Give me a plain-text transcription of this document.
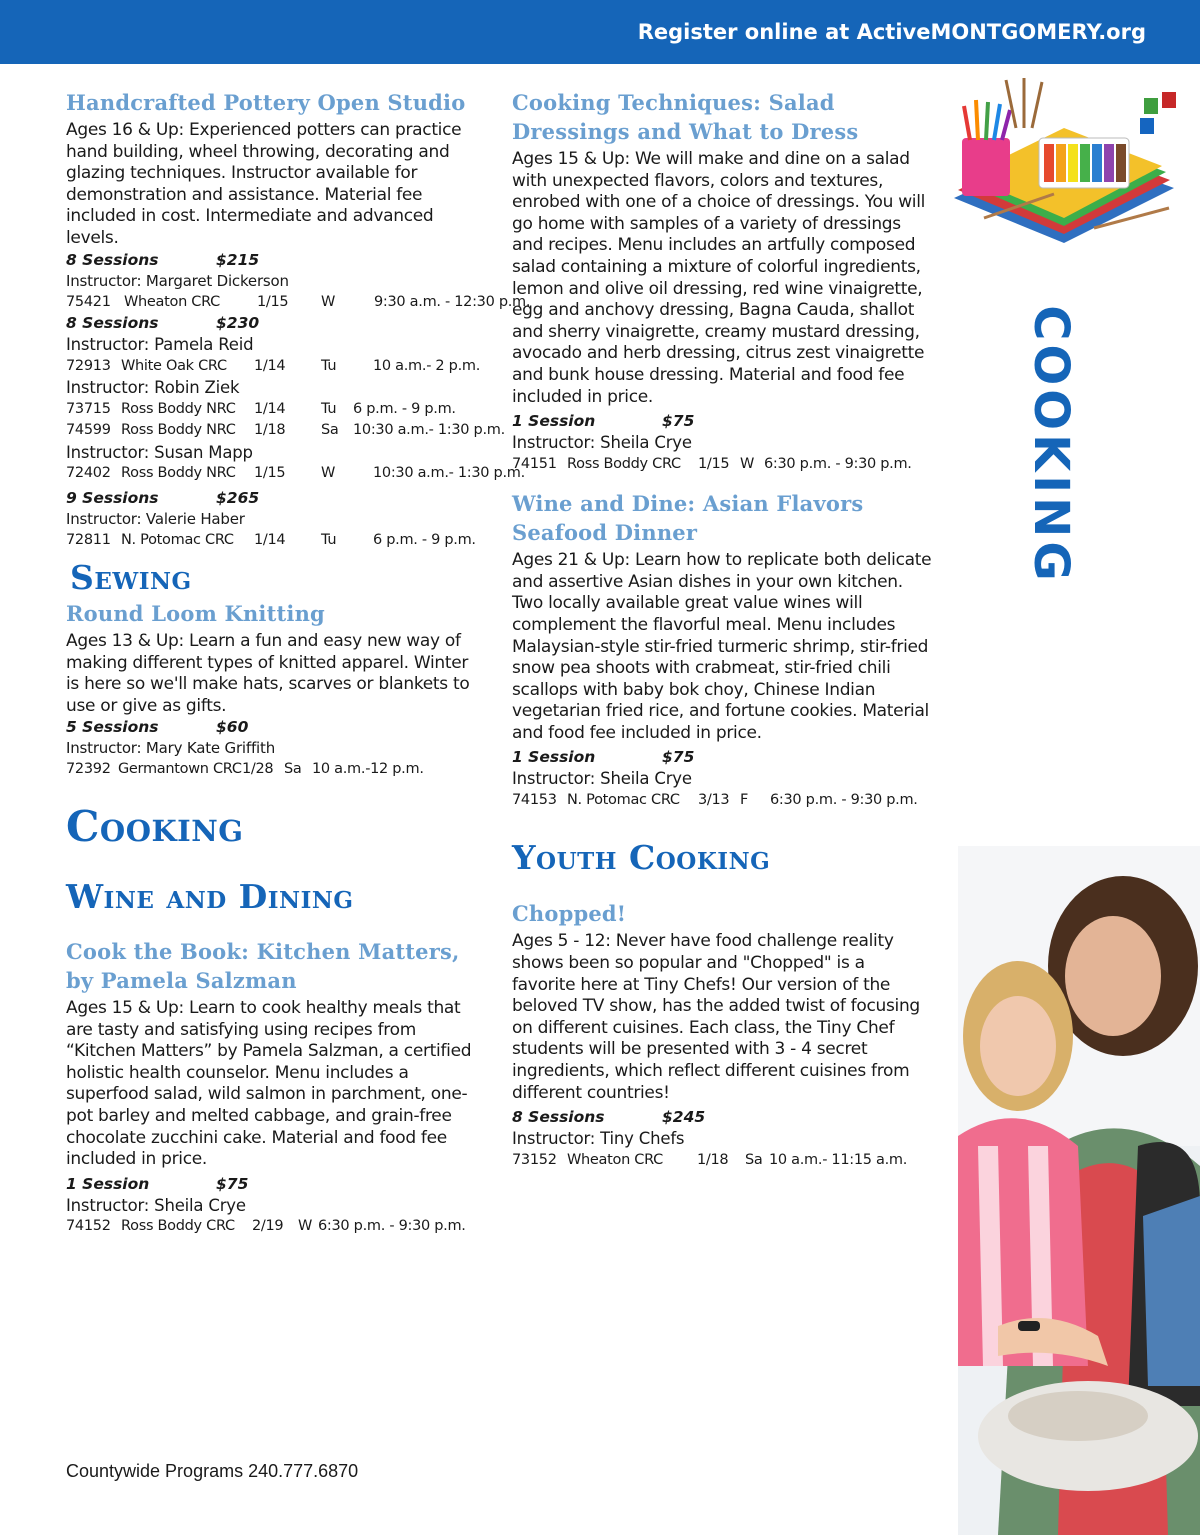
Register online at ActiveMONTGOMERY.org
Handcrafted Pottery Open Studio

Ages 16 & Up: Experienced potters can practice hand building, wheel throwing, decorating and glazing techniques. Instructor available for demonstration and assistance. Material fee included in cost. Intermediate and advanced levels.

8 Sessions	$215
Instructor: Margaret Dickerson
75421 Wheaton CRC	1/15 W	9:30 a.m. - 12:30 p.m.
8 Sessions	$230
Instructor: Pamela Reid
72913 White Oak CRC 1/14 Tu	10 a.m.- 2 p.m.
Instructor: Robin Ziek
73715 Ross Boddy NRC 1/14 Tu 6 p.m. - 9 p.m.
74599 Ross Boddy NRC 1/18 Sa 10:30 a.m.- 1:30 p.m.
Instructor: Susan Mapp
72402 Ross Boddy NRC 1/15 W	10:30 a.m.- 1:30 p.m.
9 Sessions	$265
Instructor: Valerie Haber
72811 N. Potomac CRC 1/14 Tu	6 p.m. - 9 p.m.
Sewing
Round Loom Knitting

Ages 13 & Up: Learn a fun and easy new way of making different types of knitted apparel. Winter is here so we'll make hats, scarves or blankets to use or give as gifts.

5 Sessions	$60
Instructor: Mary Kate Griffith
72392 Germantown CRC1/28 Sa 10 a.m.-12 p.m.
Cooking
Wine and Dining
Cook the Book: Kitchen Matters,
by Pamela Salzman

Ages 15 & Up: Learn to cook healthy meals that are tasty and satisfying using recipes from “Kitchen Matters” by Pamela Salzman, a certified holistic health counselor. Menu includes a superfood salad, wild salmon in parchment, one-pot barley and melted cabbage, and grain-free chocolate zucchini cake. Material and food fee included in price.

1 Session	$75
Instructor: Sheila Crye
74152 Ross Boddy CRC 2/19 W 6:30 p.m. - 9:30 p.m.
Cooking Techniques: Salad
Dressings and What to Dress

Ages 15 & Up: We will make and dine on a salad with unexpected flavors, colors and textures, enrobed with one of a choice of dressings. You will go home with samples of a variety of dressings and recipes. Menu includes an artfully composed salad containing a mixture of colorful ingredients, lemon and olive oil dressing, red wine vinaigrette, egg and anchovy dressing, Bagna Cauda, shallot and sherry vinaigrette, creamy mustard dressing, avocado and herb dressing, citrus zest vinaigrette and bunk house dressing. Material and food fee included in price.

1 Session	$75
Instructor: Sheila Crye
74151 Ross Boddy CRC 1/15 W 6:30 p.m. - 9:30 p.m.
Wine and Dine: Asian Flavors
Seafood Dinner

Ages 21 & Up: Learn how to replicate both delicate and assertive Asian dishes in your own kitchen. Two locally available great value wines will complement the flavorful meal. Menu includes Malaysian-style stir-fried turmeric shrimp, stir-fried snow pea shoots with crabmeat, stir-fried chili scallops with baby bok choy, Chinese Indian vegetarian fried rice, and fortune cookies. Material and food fee included in price.

1 Session	$75
Instructor: Sheila Crye
74153 N. Potomac CRC 3/13 F 6:30 p.m. - 9:30 p.m.
Youth Cooking
Chopped!

Ages 5 - 12: Never have food challenge reality shows been so popular and "Chopped" is a favorite here at Tiny Chefs! Our version of the beloved TV show, has the added twist of focusing on different cuisines. Each class, the Tiny Chef students will be presented with 3 - 4 secret ingredients, which reflect different cuisines from different countries!

8 Sessions	$245
Instructor: Tiny Chefs
73152 Wheaton CRC 1/18 Sa 10 a.m.- 11:15 a.m.
COOKING
Countywide Programs 240.777.6870
